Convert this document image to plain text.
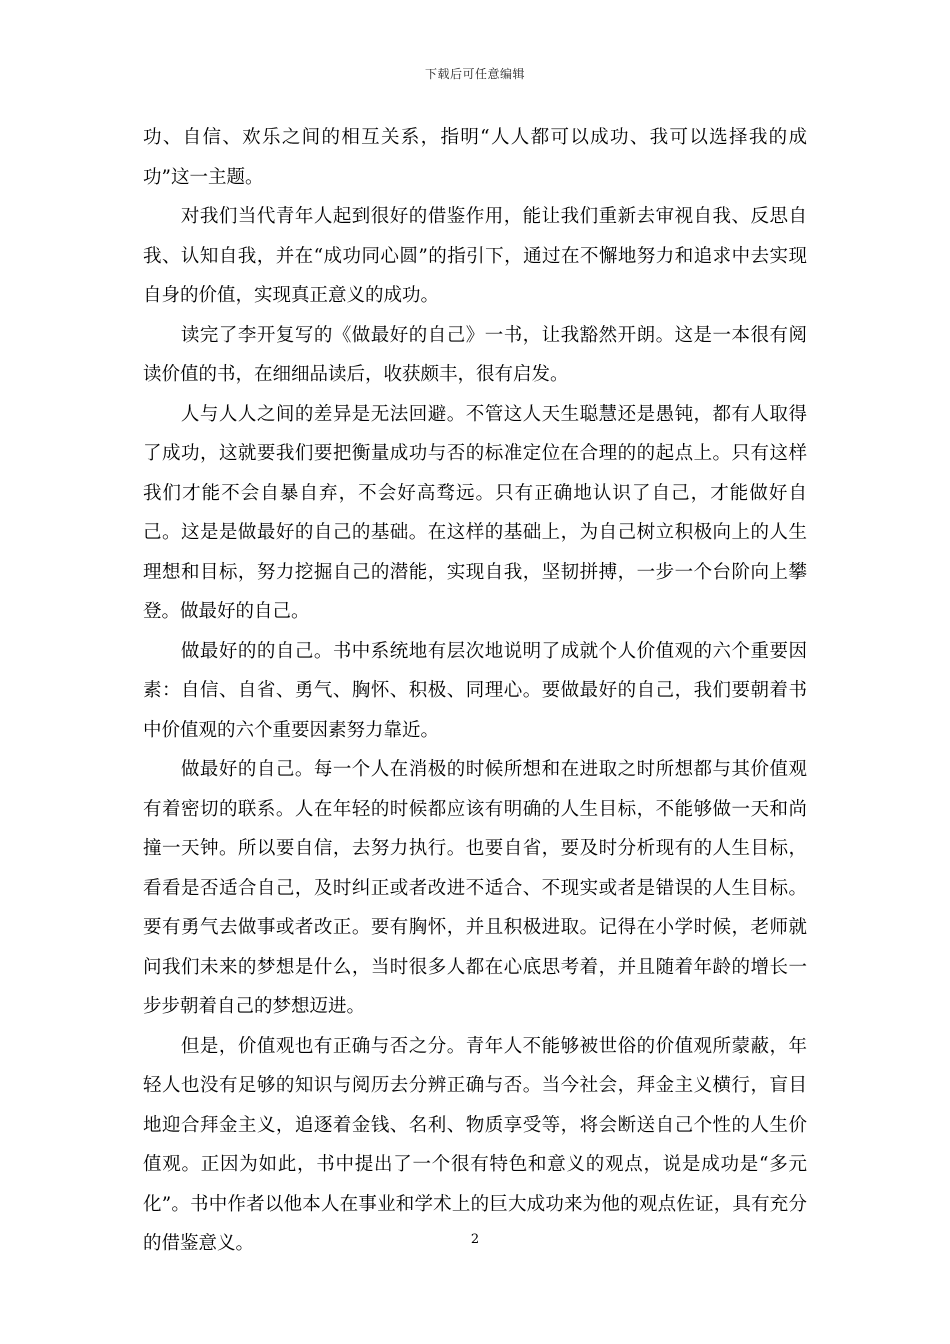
下载后可任意编辑

功、自信、欢乐之间的相互关系，指明“人人都可以成功、我可以选择我的成功”这一主题。

对我们当代青年人起到很好的借鉴作用，能让我们重新去审视自我、反思自我、认知自我，并在“成功同心圆”的指引下，通过在不懈地努力和追求中去实现自身的价值，实现真正意义的成功。

读完了李开复写的《做最好的自己》一书，让我豁然开朗。这是一本很有阅读价值的书，在细细品读后，收获颇丰，很有启发。

人与人人之间的差异是无法回避。不管这人天生聪慧还是愚钝，都有人取得了成功，这就要我们要把衡量成功与否的标准定位在合理的的起点上。只有这样我们才能不会自暴自弃，不会好高骛远。只有正确地认识了自己，才能做好自己。这是是做最好的自己的基础。在这样的基础上，为自己树立积极向上的人生理想和目标，努力挖掘自己的潜能，实现自我，坚韧拼搏，一步一个台阶向上攀登。做最好的自己。

做最好的的自己。书中系统地有层次地说明了成就个人价值观的六个重要因素：自信、自省、勇气、胸怀、积极、同理心。要做最好的自己，我们要朝着书中价值观的六个重要因素努力靠近。

做最好的自己。每一个人在消极的时候所想和在进取之时所想都与其价值观有着密切的联系。人在年轻的时候都应该有明确的人生目标，不能够做一天和尚撞一天钟。所以要自信，去努力执行。也要自省，要及时分析现有的人生目标，看看是否适合自己，及时纠正或者改进不适合、不现实或者是错误的人生目标。要有勇气去做事或者改正。要有胸怀，并且积极进取。记得在小学时候，老师就问我们未来的梦想是什么，当时很多人都在心底思考着，并且随着年龄的增长一步步朝着自己的梦想迈进。

但是，价值观也有正确与否之分。青年人不能够被世俗的价值观所蒙蔽，年轻人也没有足够的知识与阅历去分辨正确与否。当今社会，拜金主义横行，盲目地迎合拜金主义，追逐着金钱、名利、物质享受等，将会断送自己个性的人生价值观。正因为如此，书中提出了一个很有特色和意义的观点，说是成功是“多元化”。书中作者以他本人在事业和学术上的巨大成功来为他的观点佐证，具有充分的借鉴意义。	2
